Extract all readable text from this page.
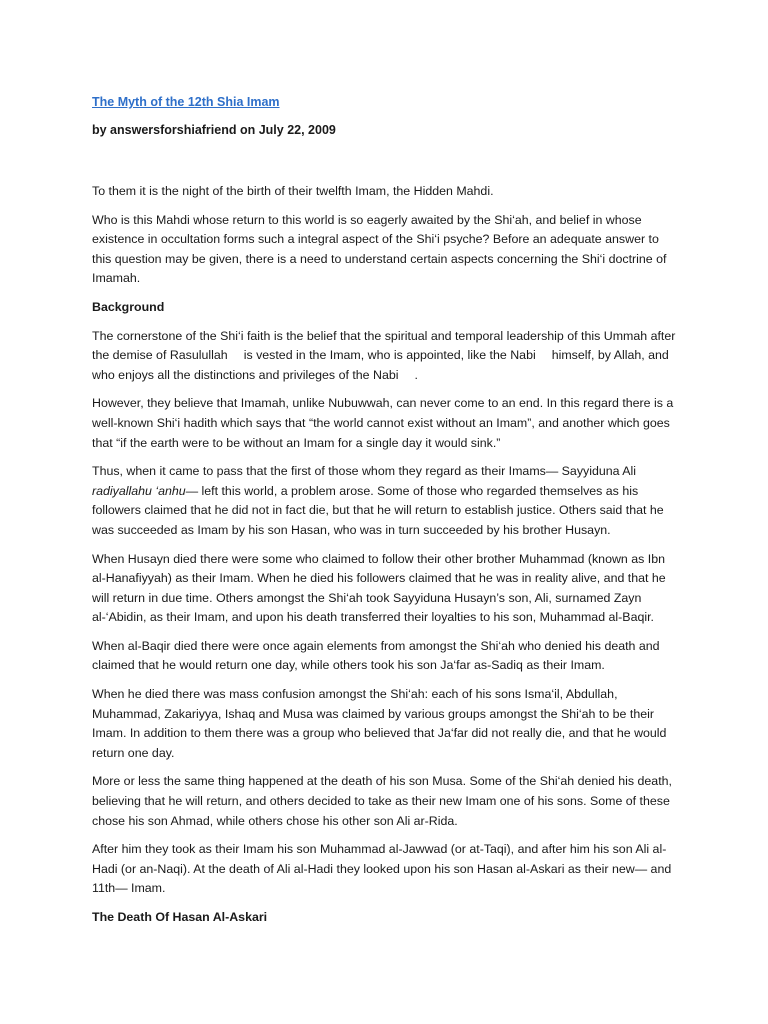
The Myth of the 12th Shia Imam
by answersforshiafriend on July 22, 2009

To them it is the night of the birth of their twelfth Imam, the Hidden Mahdi.

Who is this Mahdi whose return to this world is so eagerly awaited by the Shi‘ah, and belief in whose existence in occultation forms such a integral aspect of the Shi‘i psyche? Before an adequate answer to this question may be given, there is a need to understand certain aspects concerning the Shi‘i doctrine of Imamah.

Background

The cornerstone of the Shi‘i faith is the belief that the spiritual and temporal leadership of this Ummah after the demise of Rasulullah is vested in the Imam, who is appointed, like the Nabi himself, by Allah, and who enjoys all the distinctions and privileges of the Nabi .

However, they believe that Imamah, unlike Nubuwwah, can never come to an end. In this regard there is a well-known Shi‘i hadith which says that “the world cannot exist without an Imam”, and another which goes that “if the earth were to be without an Imam for a single day it would sink.”

Thus, when it came to pass that the first of those whom they regard as their Imams— Sayyiduna Ali radiyallahu ‘anhu— left this world, a problem arose. Some of those who regarded themselves as his followers claimed that he did not in fact die, but that he will return to establish justice. Others said that he was succeeded as Imam by his son Hasan, who was in turn succeeded by his brother Husayn.

When Husayn died there were some who claimed to follow their other brother Muhammad (known as Ibn al-Hanafiyyah) as their Imam. When he died his followers claimed that he was in reality alive, and that he will return in due time. Others amongst the Shi‘ah took Sayyiduna Husayn’s son, Ali, surnamed Zayn al-‘Abidin, as their Imam, and upon his death transferred their loyalties to his son, Muhammad al-Baqir.

When al-Baqir died there were once again elements from amongst the Shi‘ah who denied his death and claimed that he would return one day, while others took his son Ja‘far as-Sadiq as their Imam.

When he died there was mass confusion amongst the Shi‘ah: each of his sons Isma‘il, Abdullah, Muhammad, Zakariyya, Ishaq and Musa was claimed by various groups amongst the Shi‘ah to be their Imam. In addition to them there was a group who believed that Ja‘far did not really die, and that he would return one day.

More or less the same thing happened at the death of his son Musa. Some of the Shi‘ah denied his death, believing that he will return, and others decided to take as their new Imam one of his sons. Some of these chose his son Ahmad, while others chose his other son Ali ar-Rida.

After him they took as their Imam his son Muhammad al-Jawwad (or at-Taqi), and after him his son Ali al-Hadi (or an-Naqi). At the death of Ali al-Hadi they looked upon his son Hasan al-Askari as their new— and 11th— Imam.

The Death Of Hasan Al-Askari
